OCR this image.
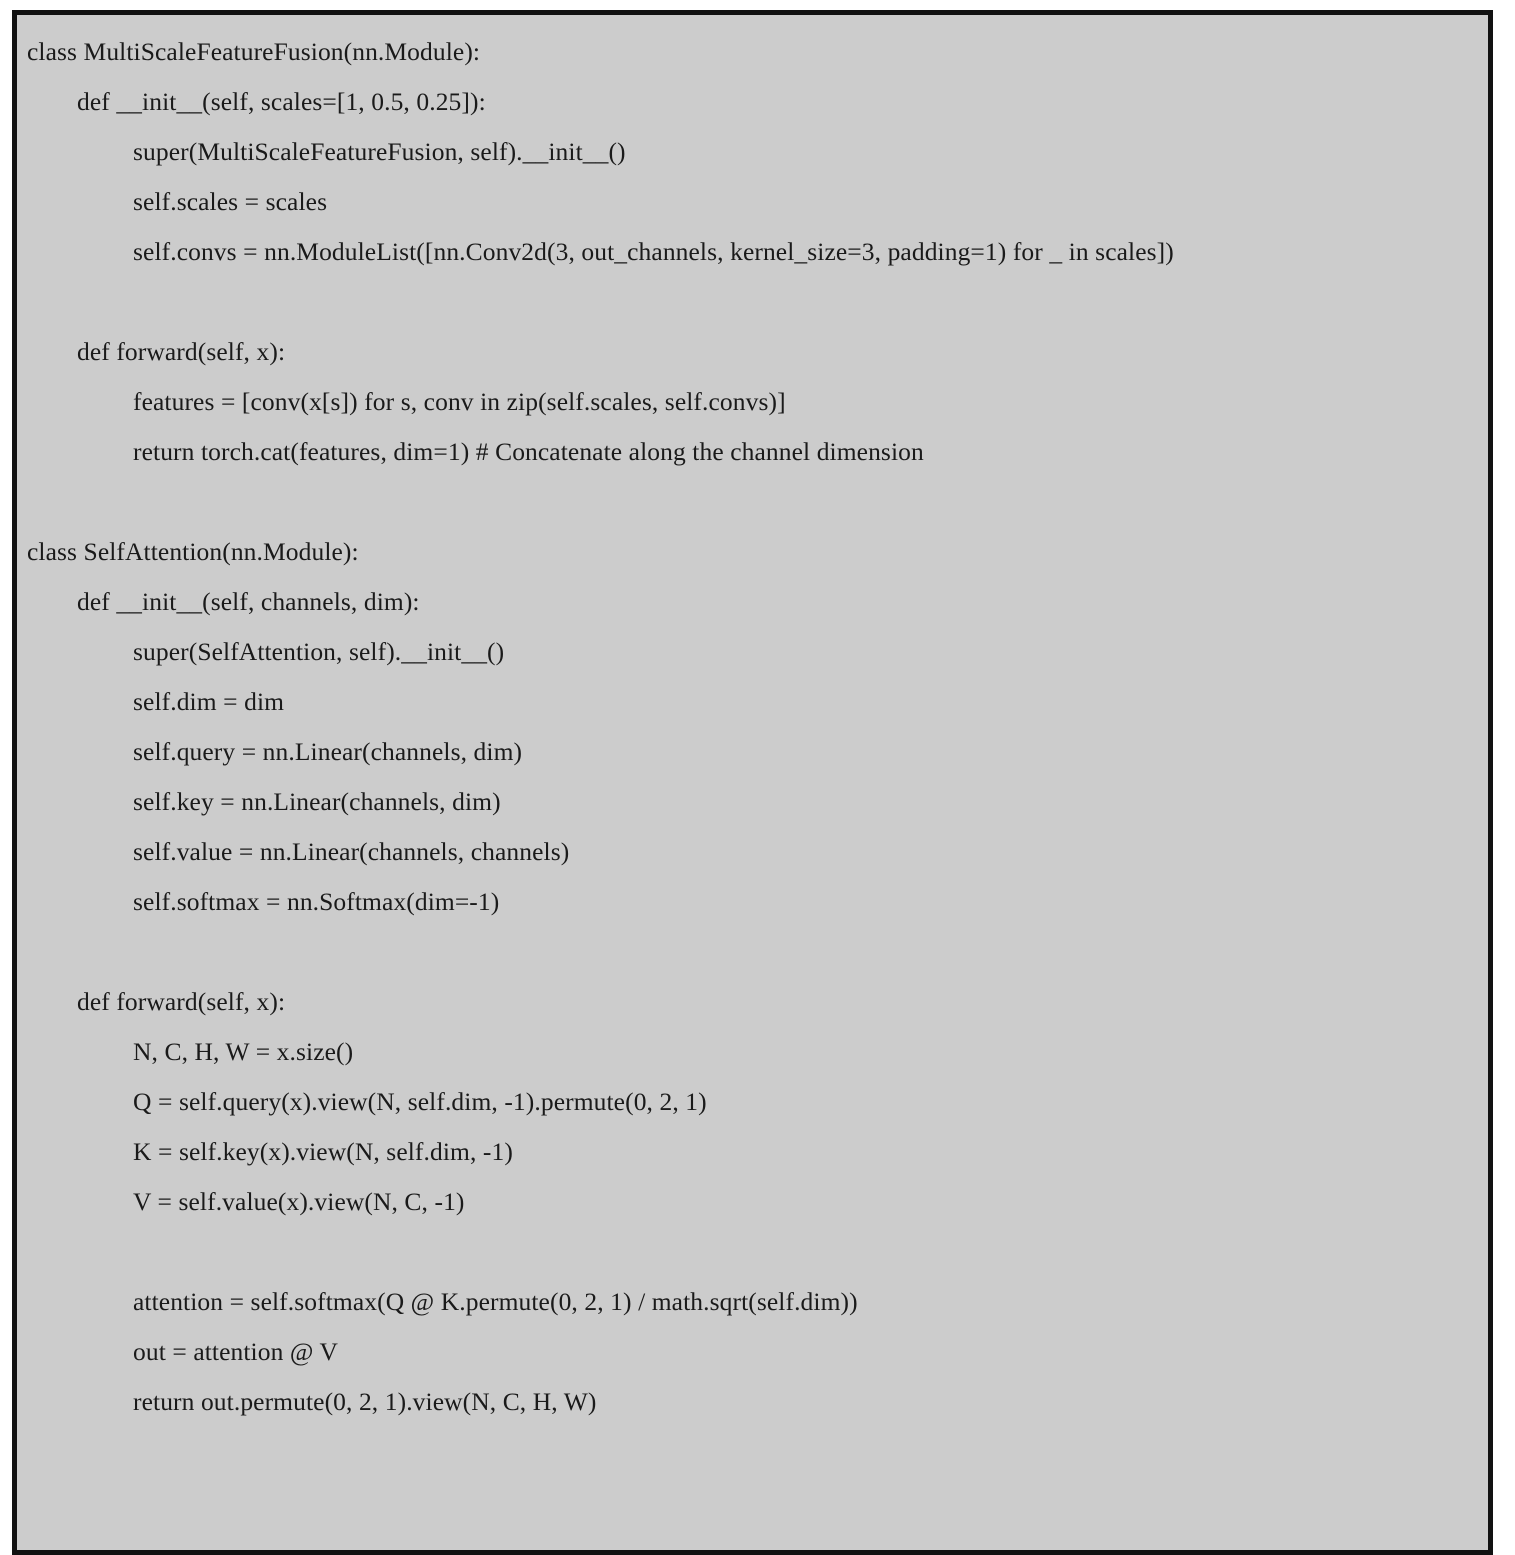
class MultiScaleFeatureFusion(nn.Module):
def __init__(self, scales=[1, 0.5, 0.25]):
super(MultiScaleFeatureFusion, self).__init__()
self.scales = scales
self.convs = nn.ModuleList([nn.Conv2d(3, out_channels, kernel_size=3, padding=1) for _ in scales])
def forward(self, x):
features = [conv(x[s]) for s, conv in zip(self.scales, self.convs)]
return torch.cat(features, dim=1) # Concatenate along the channel dimension
class SelfAttention(nn.Module):
def __init__(self, channels, dim):
super(SelfAttention, self).__init__()
self.dim = dim
self.query = nn.Linear(channels, dim)
self.key = nn.Linear(channels, dim)
self.value = nn.Linear(channels, channels)
self.softmax = nn.Softmax(dim=-1)
def forward(self, x):
N, C, H, W = x.size()
Q = self.query(x).view(N, self.dim, -1).permute(0, 2, 1)
K = self.key(x).view(N, self.dim, -1)
V = self.value(x).view(N, C, -1)
attention = self.softmax(Q @ K.permute(0, 2, 1) / math.sqrt(self.dim))
out = attention @ V
return out.permute(0, 2, 1).view(N, C, H, W)
